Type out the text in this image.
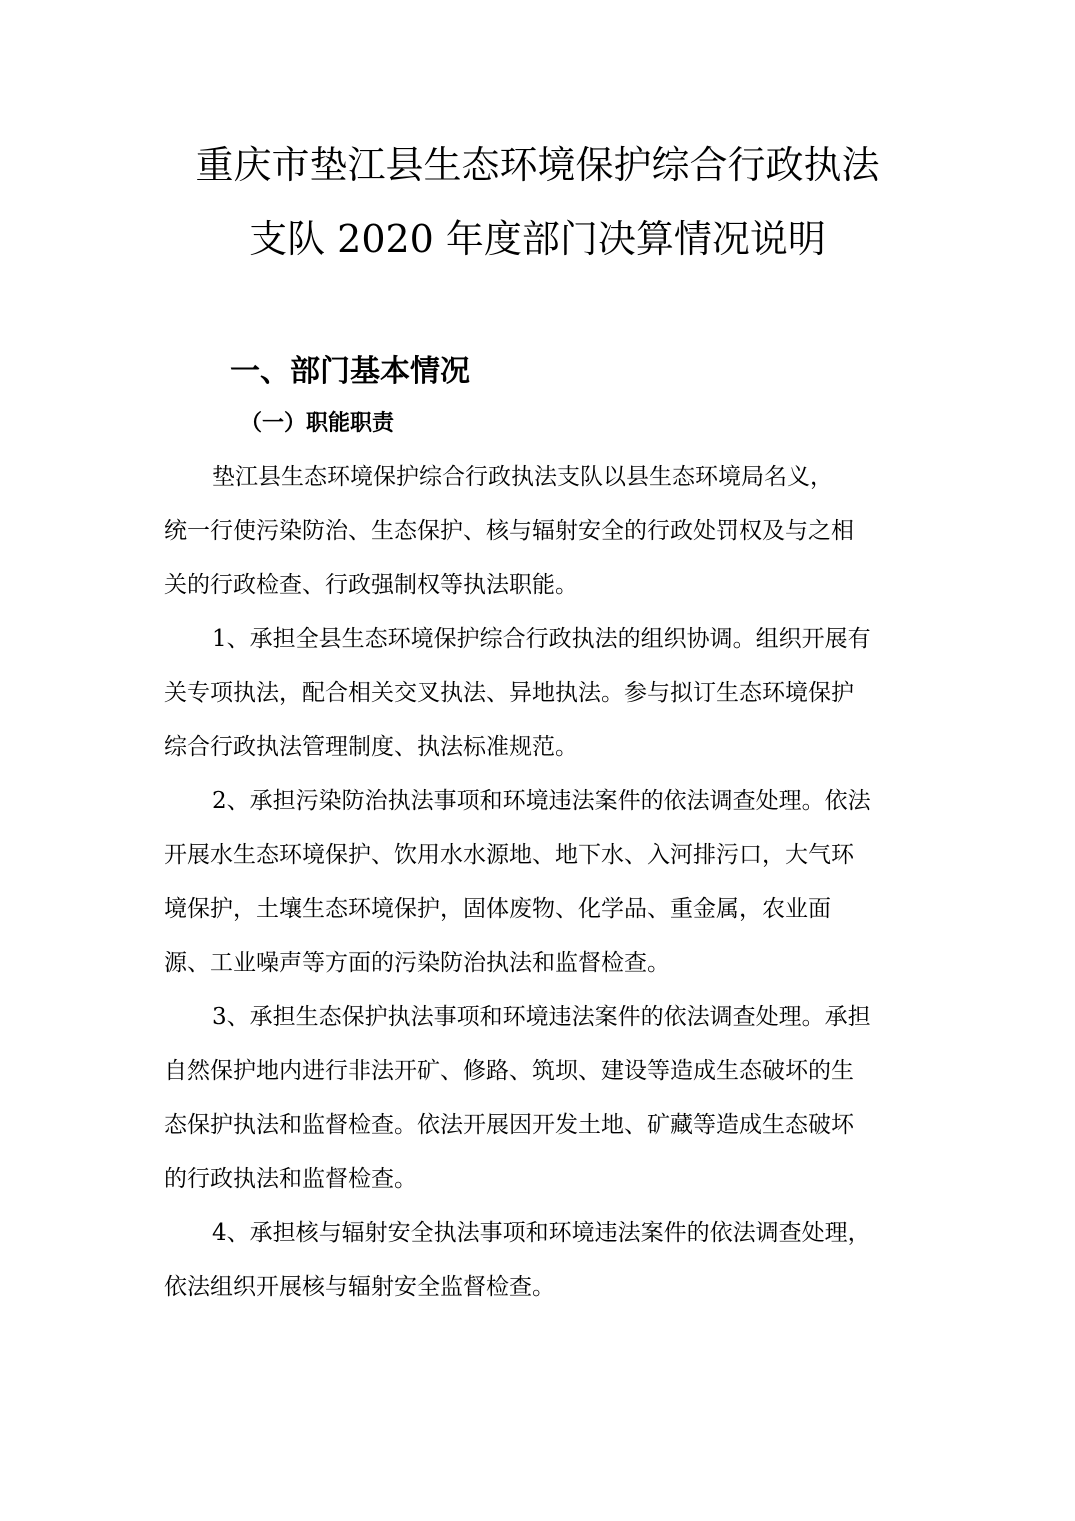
重庆市垫江县生态环境保护综合行政执法
支队 2020 年度部门决算情况说明
一、部门基本情况
（一）职能职责
垫江县生态环境保护综合行政执法支队以县生态环境局名义，
统一行使污染防治、生态保护、核与辐射安全的行政处罚权及与之相
关的行政检查、行政强制权等执法职能。
1、承担全县生态环境保护综合行政执法的组织协调。组织开展有
关专项执法，配合相关交叉执法、异地执法。参与拟订生态环境保护
综合行政执法管理制度、执法标准规范。
2、承担污染防治执法事项和环境违法案件的依法调查处理。依法
开展水生态环境保护、饮用水水源地、地下水、入河排污口，大气环
境保护，土壤生态环境保护，固体废物、化学品、重金属，农业面
源、工业噪声等方面的污染防治执法和监督检查。
3、承担生态保护执法事项和环境违法案件的依法调查处理。承担
自然保护地内进行非法开矿、修路、筑坝、建设等造成生态破坏的生
态保护执法和监督检查。依法开展因开发土地、矿藏等造成生态破坏
的行政执法和监督检查。
4、承担核与辐射安全执法事项和环境违法案件的依法调查处理，
依法组织开展核与辐射安全监督检查。
